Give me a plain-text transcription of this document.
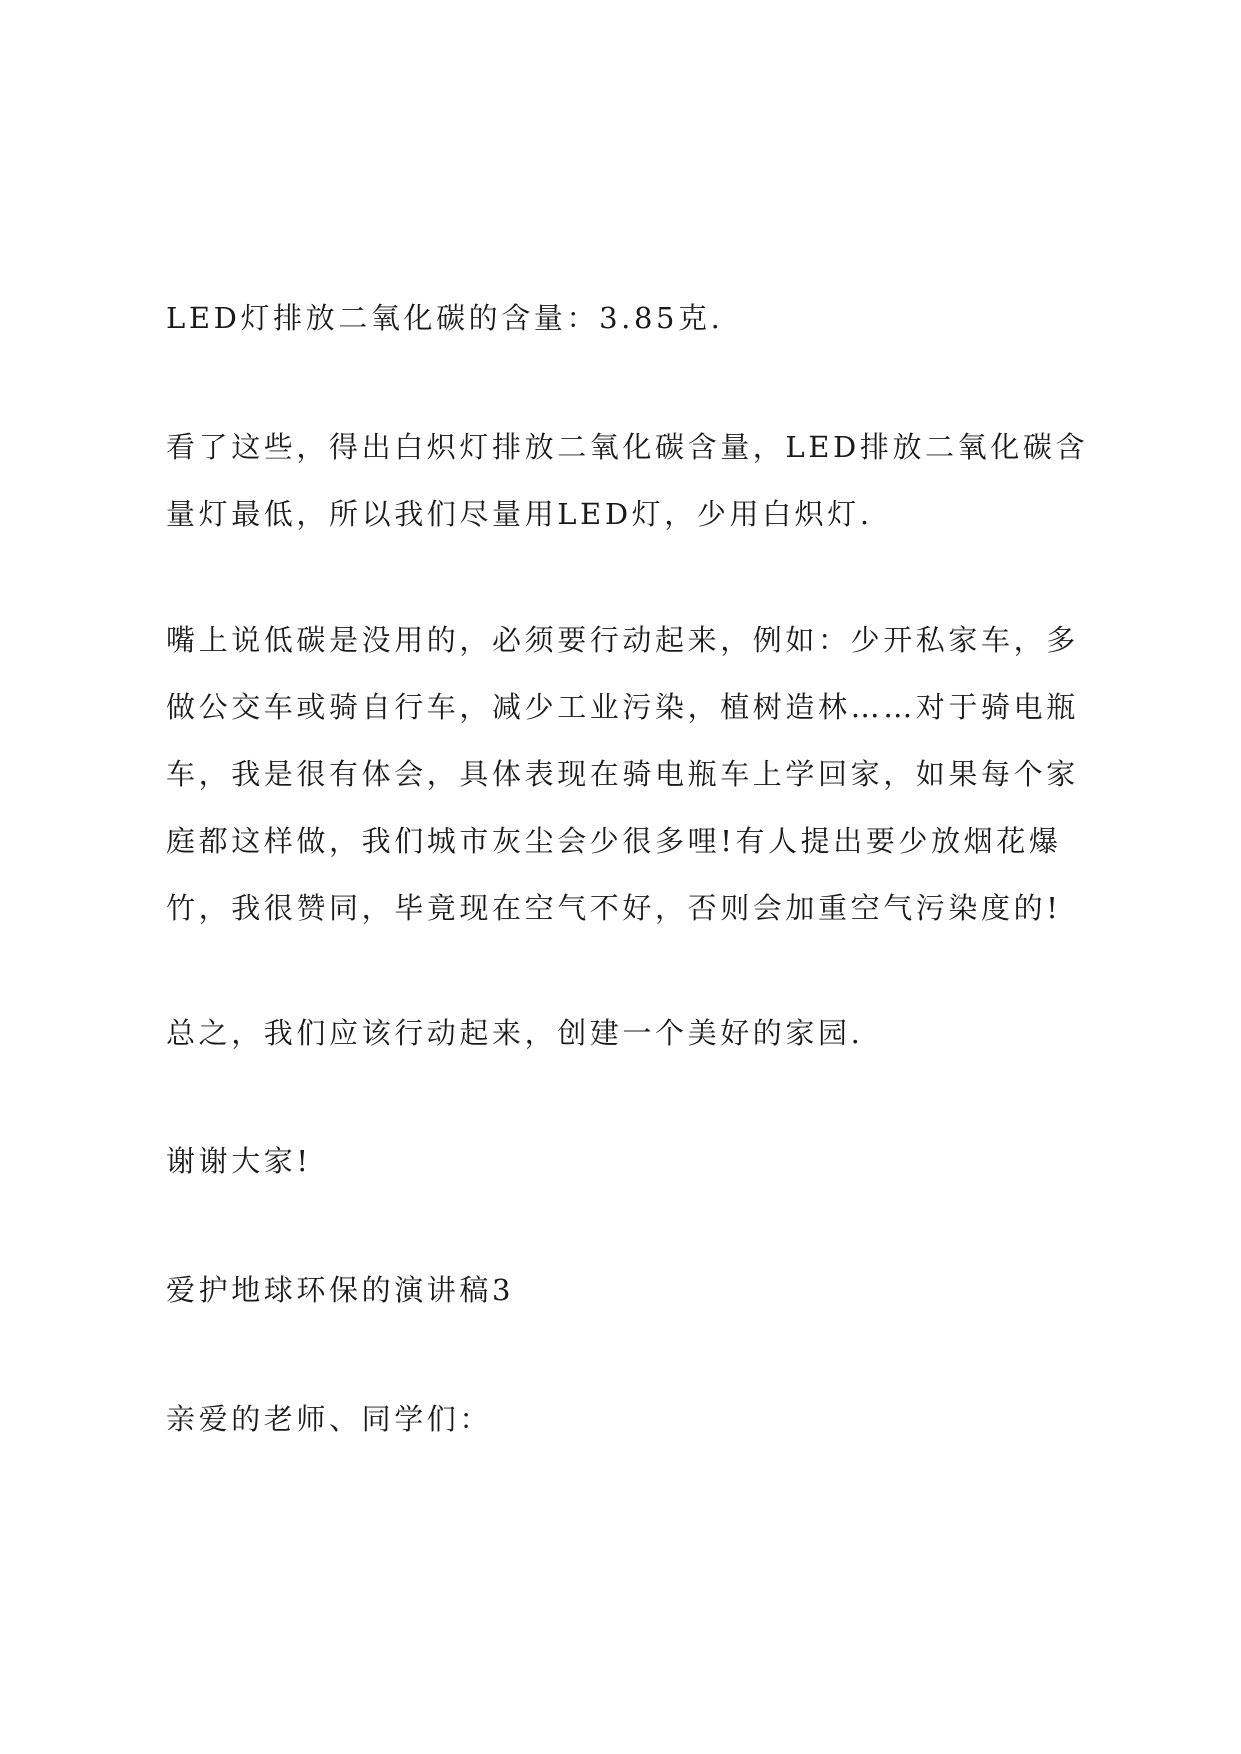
LED灯排放二氧化碳的含量：3.85克.

看了这些，得出白炽灯排放二氧化碳含量，LED排放二氧化碳含
量灯最低，所以我们尽量用LED灯，少用白炽灯.

嘴上说低碳是没用的，必须要行动起来，例如：少开私家车，多
做公交车或骑自行车，减少工业污染，植树造林……对于骑电瓶
车，我是很有体会，具体表现在骑电瓶车上学回家，如果每个家
庭都这样做，我们城市灰尘会少很多哩!有人提出要少放烟花爆
竹，我很赞同，毕竟现在空气不好，否则会加重空气污染度的!

总之，我们应该行动起来，创建一个美好的家园.

谢谢大家!

爱护地球环保的演讲稿3

亲爱的老师、同学们：
